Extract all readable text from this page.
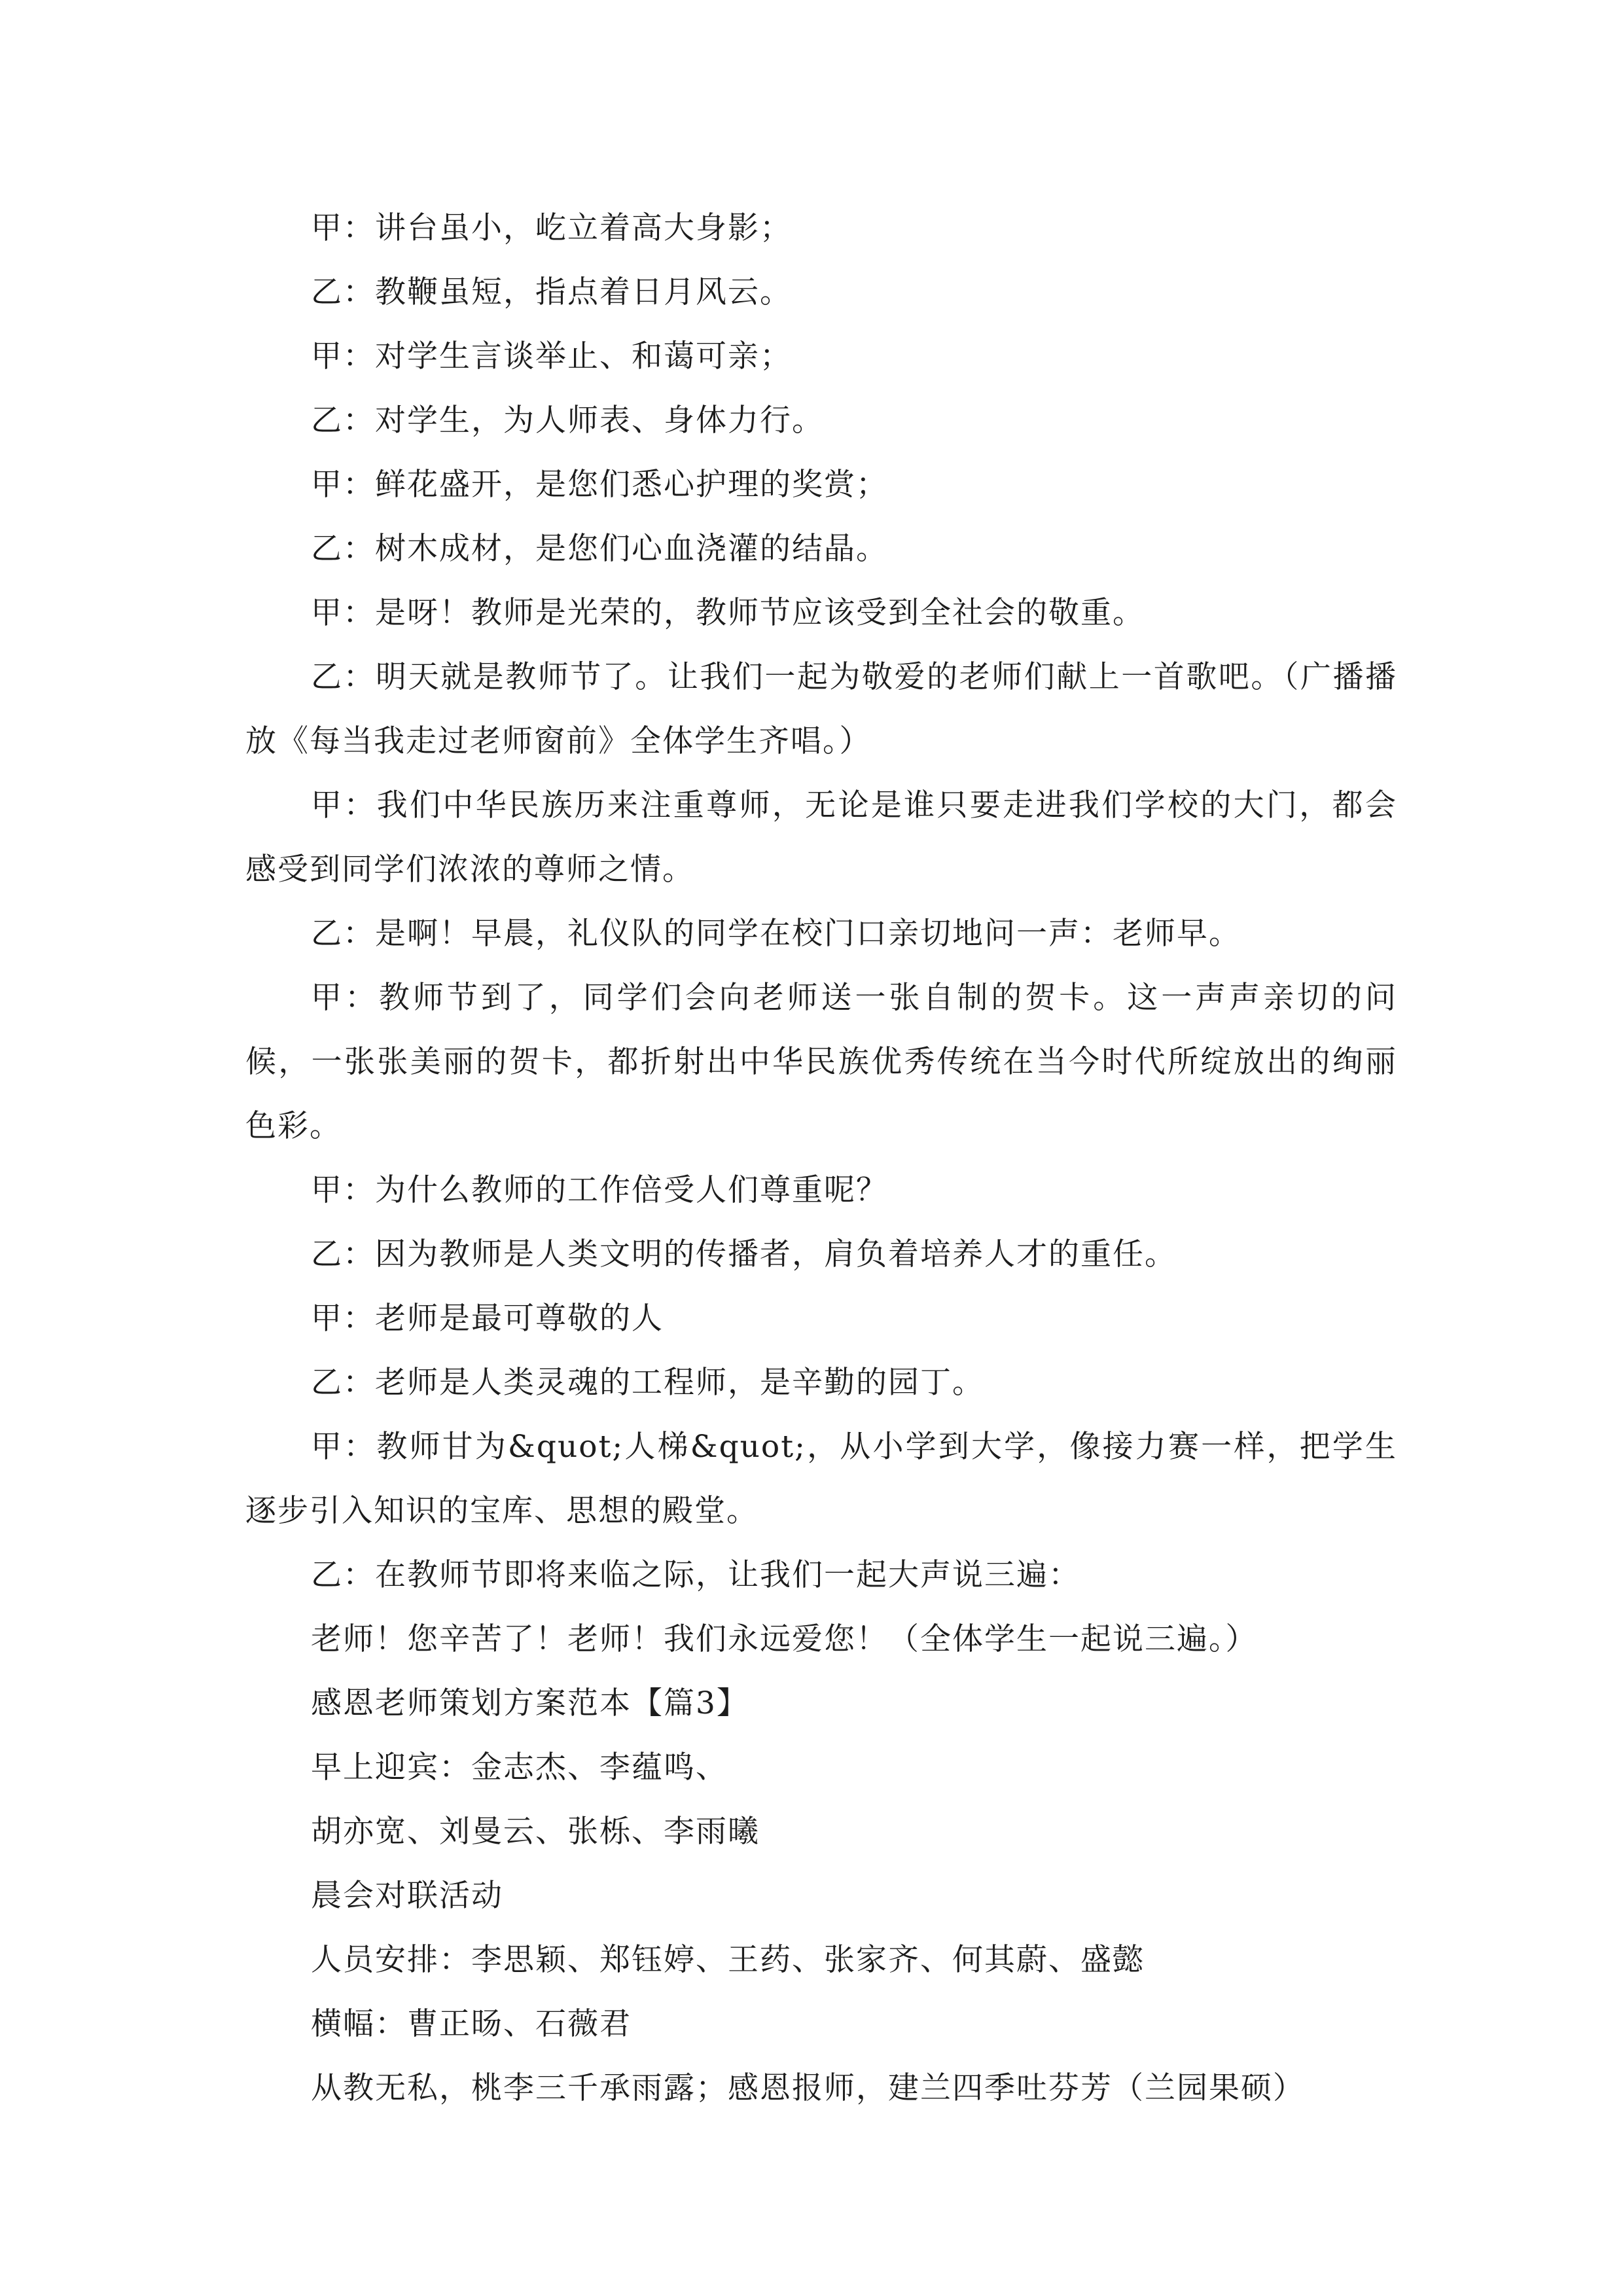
甲：讲台虽小，屹立着高大身影；

乙：教鞭虽短，指点着日月风云。

甲：对学生言谈举止、和蔼可亲；

乙：对学生，为人师表、身体力行。

甲：鲜花盛开，是您们悉心护理的奖赏；

乙：树木成材，是您们心血浇灌的结晶。

甲：是呀！教师是光荣的，教师节应该受到全社会的敬重。

乙：明天就是教师节了。让我们一起为敬爱的老师们献上一首歌吧。（广播播放《每当我走过老师窗前》全体学生齐唱。）

甲：我们中华民族历来注重尊师，无论是谁只要走进我们学校的大门，都会感受到同学们浓浓的尊师之情。

乙：是啊！早晨，礼仪队的同学在校门口亲切地问一声：老师早。

甲：教师节到了，同学们会向老师送一张自制的贺卡。这一声声亲切的问候，一张张美丽的贺卡，都折射出中华民族优秀传统在当今时代所绽放出的绚丽色彩。

甲：为什么教师的工作倍受人们尊重呢？

乙：因为教师是人类文明的传播者，肩负着培养人才的重任。

甲：老师是最可尊敬的人

乙：老师是人类灵魂的工程师，是辛勤的园丁。

甲：教师甘为&quot;人梯&quot;，从小学到大学，像接力赛一样，把学生逐步引入知识的宝库、思想的殿堂。

乙：在教师节即将来临之际，让我们一起大声说三遍：

老师！您辛苦了！老师！我们永远爱您！（全体学生一起说三遍。）

感恩老师策划方案范本【篇3】

早上迎宾：金志杰、李蕴鸣、

胡亦宽、刘曼云、张栎、李雨曦

晨会对联活动

人员安排：李思颖、郑钰婷、王药、张家齐、何其蔚、盛懿

横幅：曹正旸、石薇君

从教无私，桃李三千承雨露；感恩报师，建兰四季吐芬芳（兰园果硕）
